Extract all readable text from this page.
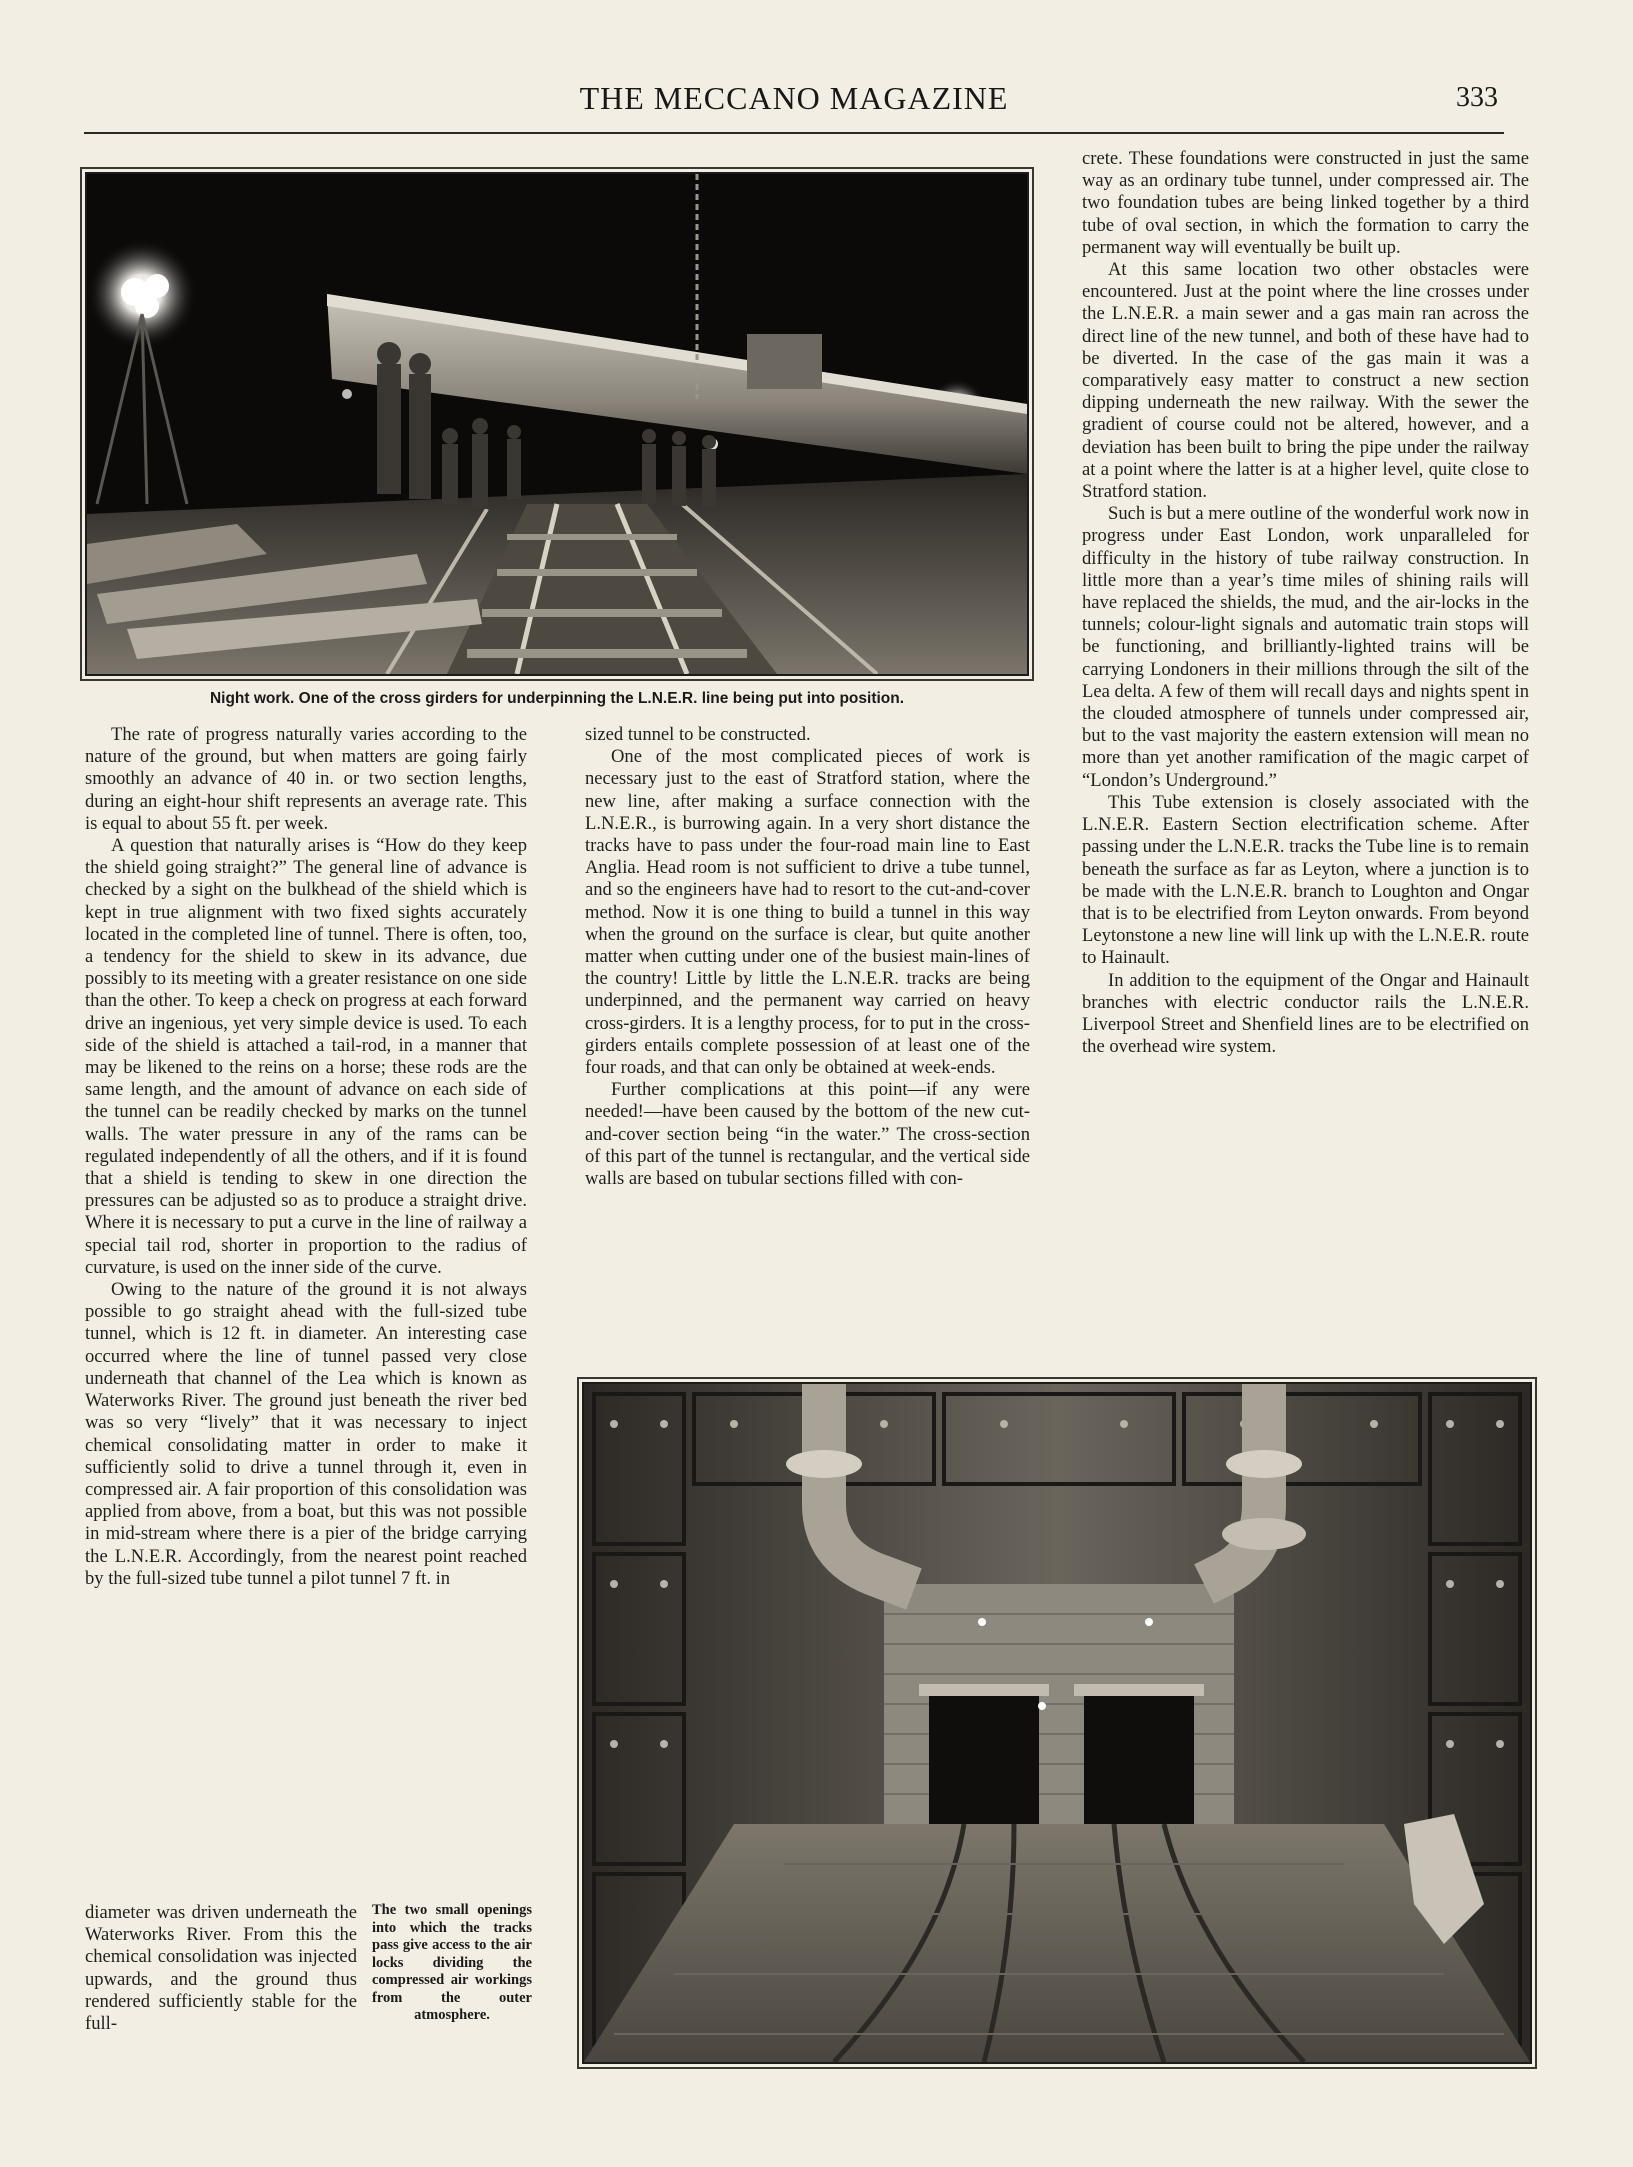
THE MECCANO MAGAZINE	333
Night work. One of the cross girders for underpinning the L.N.E.R. line being put into position.

The rate of progress naturally varies according to the nature of the ground, but when matters are going fairly smoothly an advance of 40 in. or two section lengths, during an eight-hour shift represents an average rate. This is equal to about 55 ft. per week.

A question that naturally arises is “How do they keep the shield going straight?” The general line of advance is checked by a sight on the bulkhead of the shield which is kept in true alignment with two fixed sights accurately located in the completed line of tunnel. There is often, too, a tendency for the shield to skew in its advance, due possibly to its meeting with a greater resistance on one side than the other. To keep a check on progress at each forward drive an ingenious, yet very simple device is used. To each side of the shield is attached a tail-rod, in a manner that may be likened to the reins on a horse; these rods are the same length, and the amount of advance on each side of the tunnel can be readily checked by marks on the tunnel walls. The water pressure in any of the rams can be regulated independently of all the others, and if it is found that a shield is tending to skew in one direction the pressures can be adjusted so as to produce a straight drive. Where it is necessary to put a curve in the line of railway a special tail rod, shorter in proportion to the radius of curvature, is used on the inner side of the curve.

Owing to the nature of the ground it is not always possible to go straight ahead with the full-sized tube tunnel, which is 12 ft. in diameter. An interesting case occurred where the line of tunnel passed very close underneath that channel of the Lea which is known as Waterworks River. The ground just beneath the river bed was so very “lively” that it was necessary to inject chemical consolidating matter in order to make it sufficiently solid to drive a tunnel through it, even in compressed air. A fair proportion of this consolidation was applied from above, from a boat, but this was not possible in mid-stream where there is a pier of the bridge carrying the L.N.E.R. Accordingly, from the nearest point reached by the full-sized tube tunnel a pilot tunnel 7 ft. in

diameter was driven underneath the Waterworks River. From this the chemical consolidation was injected upwards, and the ground thus rendered sufficiently stable for the full-

sized tunnel to be constructed.

One of the most complicated pieces of work is necessary just to the east of Stratford station, where the new line, after making a surface connection with the L.N.E.R., is burrowing again. In a very short distance the tracks have to pass under the four-road main line to East Anglia. Head room is not sufficient to drive a tube tunnel, and so the engineers have had to resort to the cut-and-cover method. Now it is one thing to build a tunnel in this way when the ground on the surface is clear, but quite another matter when cutting under one of the busiest main-lines of the country! Little by little the L.N.E.R. tracks are being underpinned, and the permanent way carried on heavy cross-girders. It is a lengthy process, for to put in the cross-girders entails complete possession of at least one of the four roads, and that can only be obtained at week-ends.

Further complications at this point—if any were needed!—have been caused by the bottom of the new cut-and-cover section being “in the water.” The cross-section of this part of the tunnel is rectangular, and the vertical side walls are based on tubular sections filled with con-

crete. These foundations were constructed in just the same way as an ordinary tube tunnel, under compressed air. The two foundation tubes are being linked together by a third tube of oval section, in which the formation to carry the permanent way will eventually be built up.

At this same location two other obstacles were encountered. Just at the point where the line crosses under the L.N.E.R. a main sewer and a gas main ran across the direct line of the new tunnel, and both of these have had to be diverted. In the case of the gas main it was a comparatively easy matter to construct a new section dipping underneath the new railway. With the sewer the gradient of course could not be altered, however, and a deviation has been built to bring the pipe under the railway at a point where the latter is at a higher level, quite close to Stratford station.

Such is but a mere outline of the wonderful work now in progress under East London, work unparalleled for difficulty in the history of tube railway construction. In little more than a year’s time miles of shining rails will have replaced the shields, the mud, and the air-locks in the tunnels; colour-light signals and automatic train stops will be functioning, and brilliantly-lighted trains will be carrying Londoners in their millions through the silt of the Lea delta. A few of them will recall days and nights spent in the clouded atmosphere of tunnels under compressed air, but to the vast majority the eastern extension will mean no more than yet another ramification of the magic carpet of “London’s Underground.”

This Tube extension is closely associated with the L.N.E.R. Eastern Section electrification scheme. After passing under the L.N.E.R. tracks the Tube line is to remain beneath the surface as far as Leyton, where a junction is to be made with the L.N.E.R. branch to Loughton and Ongar that is to be electrified from Leyton onwards. From beyond Leytonstone a new line will link up with the L.N.E.R. route to Hainault.

In addition to the equipment of the Ongar and Hainault branches with electric conductor rails the L.N.E.R. Liverpool Street and Shenfield lines are to be electrified on the overhead wire system.

The two small openings into which the tracks pass give access to the air locks dividing the compressed air workings from the outer atmosphere.
